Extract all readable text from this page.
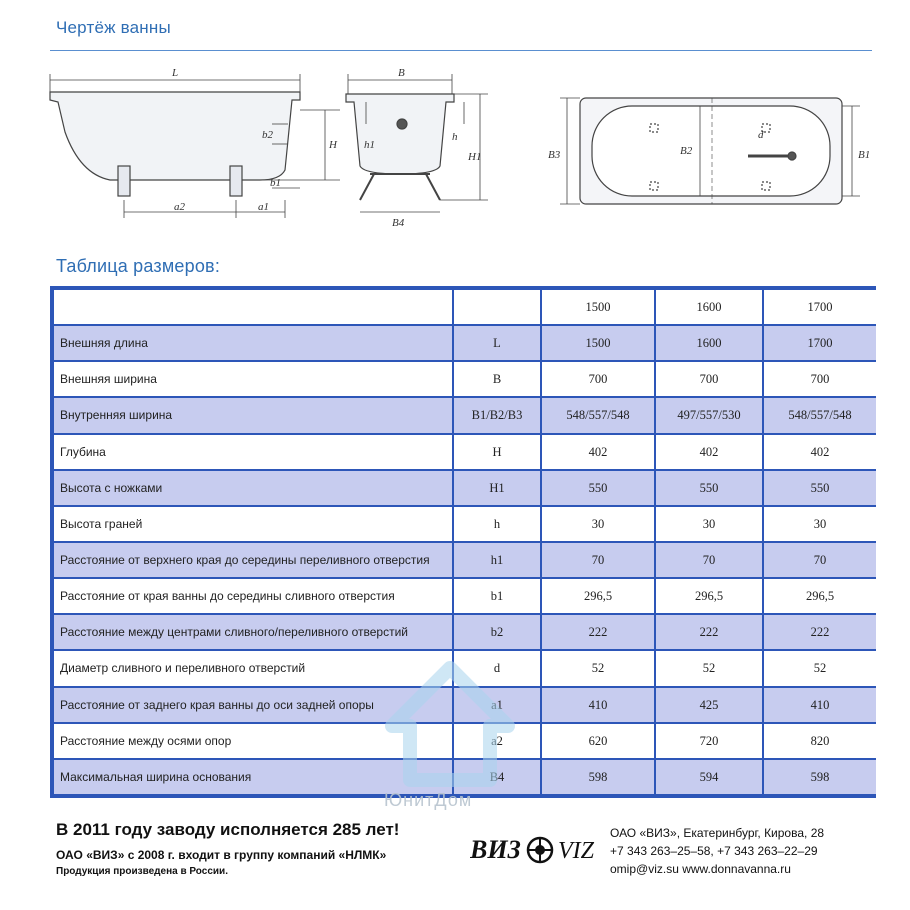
Чертёж ванны
L
b2
H
b1
a2	a1
B
h1
h
H1
B4
B3	B2
d
B1
Таблица размеров:
		1500	1600	1700
Внешняя длина	L	1500	1600	1700
Внешняя ширина	B	700	700	700
Внутренняя ширина	B1/B2/B3	548/557/548	497/557/530	548/557/548
Глубина	H	402	402	402
Высота с ножками	H1	550	550	550
Высота граней	h	30	30	30
Расстояние от верхнего края до середины переливного отверстия	h1	70	70	70
Расстояние от края ванны до середины сливного отверстия	b1	296,5	296,5	296,5
Расстояние между центрами сливного/переливного отверстий	b2	222	222	222
Диаметр сливного и переливного отверстий	d	52	52	52
Расстояние от заднего края ванны до оси задней опоры	a1	410	425	410
Расстояние между осями опор	a2	620	720	820
Максимальная ширина основания	B4	598	594	598
ЮнитДом
В 2011 году заводу исполняется 285 лет!
ОАО «ВИЗ» с 2008 г. входит в группу компаний «НЛМК»
Продукция произведена в России.
ВИЗ VIZ
ОАО «ВИЗ», Екатеринбург, Кирова, 28
+7 343 263–25–58, +7 343 263–22–29
omip@viz.su www.donnavanna.ru
